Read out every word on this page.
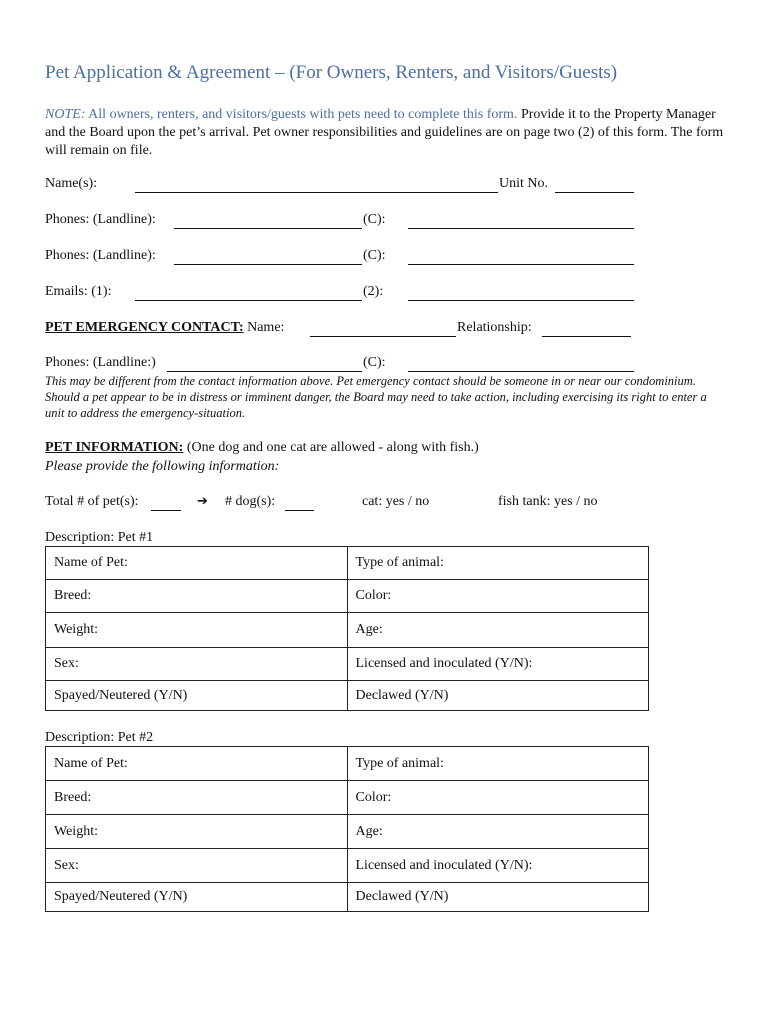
Pet Application & Agreement – (For Owners, Renters, and Visitors/Guests)
NOTE: All owners, renters, and visitors/guests with pets need to complete this form. Provide it to the Property Manager and the Board upon the pet’s arrival. Pet owner responsibilities and guidelines are on page two (2) of this form. The form will remain on file.
Name(s):	Unit No.
Phones: (Landline):	(C):
Phones: (Landline):	(C):
Emails: (1):	(2):
PET EMERGENCY CONTACT: Name:	Relationship:
Phones: (Landline:)	(C):
This may be different from the contact information above. Pet emergency contact should be someone in or near our condominium. Should a pet appear to be in distress or imminent danger, the Board may need to take action, including exercising its right to enter a unit to address the emergency-situation.
PET INFORMATION: (One dog and one cat are allowed - along with fish.)
Please provide the following information:
Total # of pet(s):	➔ # dog(s):	cat: yes / no	fish tank: yes / no
Description: Pet #1
Name of Pet:	Type of animal:
Breed:	Color:
Weight:	Age:
Sex:	Licensed and inoculated (Y/N):
Spayed/Neutered (Y/N)	Declawed (Y/N)
Description: Pet #2
Name of Pet:	Type of animal:
Breed:	Color:
Weight:	Age:
Sex:	Licensed and inoculated (Y/N):
Spayed/Neutered (Y/N)	Declawed (Y/N)
